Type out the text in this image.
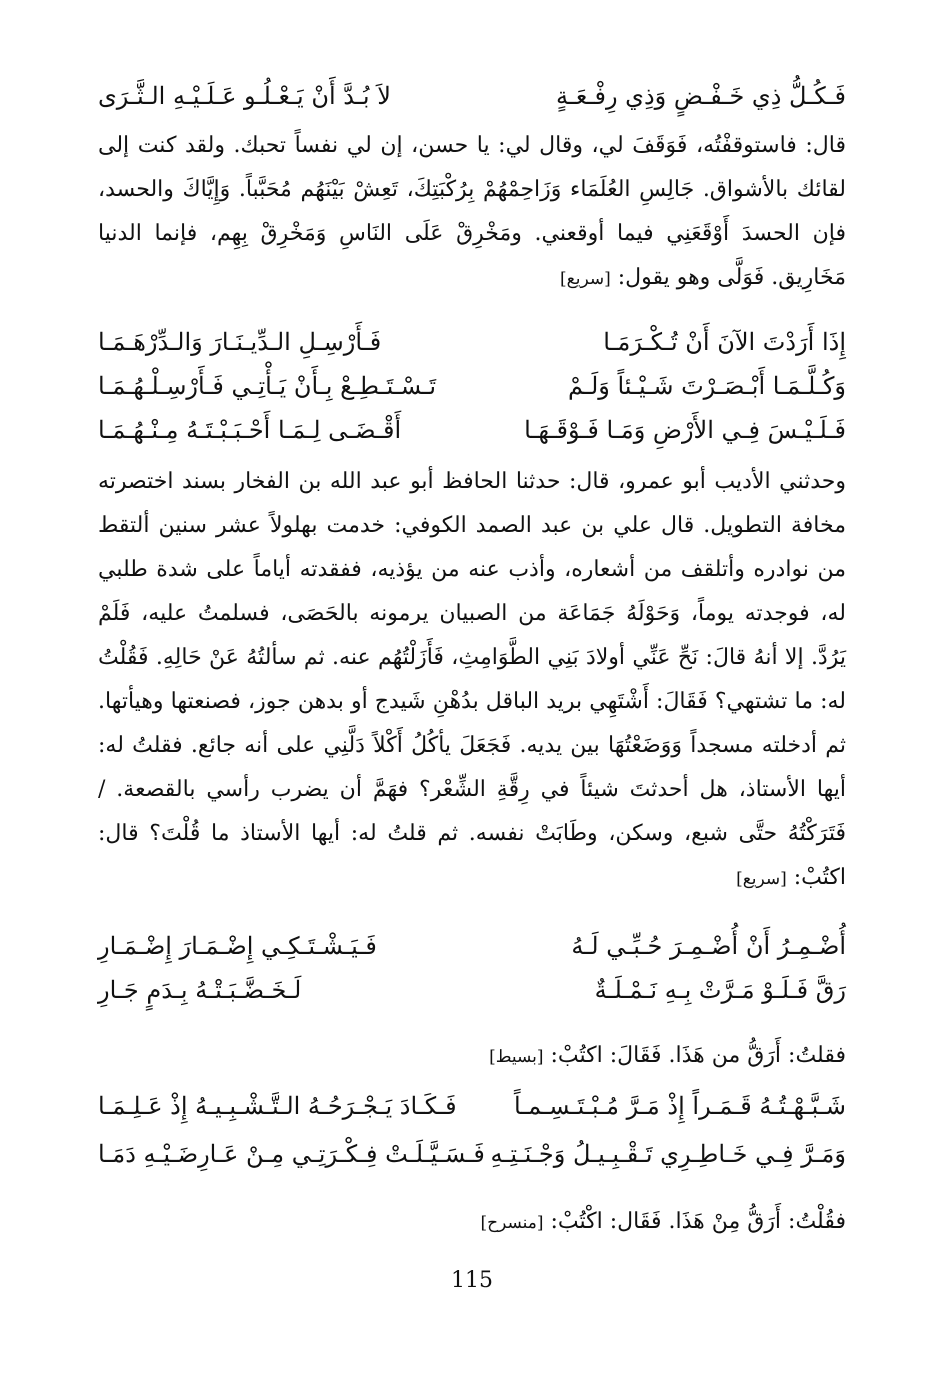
فَـكُـلُّ ذِي خَـفْـضٍ وَذِي رِفْـعَـةٍ
لاَ بُـدَّ أَنْ يَـعْـلُـو عَـلَـيْـهِ الـثَّـرَى
قال: فاستوقفْتُه، فَوَقَفَ لي، وقال لي: يا حسن، إن لي نفساً تحبك. ولقد كنت إلى لقائك بالأشواق. جَالِسِ العُلَمَاء وَزَاحِمْهُمْ بِرُكْبَتِكَ، تَعِشْ بَيْنَهُم مُحَبَّباً. وَإِيَّاكَ والحسد، فإن الحسدَ أَوْقَعَنِي فيما أوقعني. ومَخْرِقْ عَلَى النَاسِ وَمَخْرِقْ بِهِم، فإنما الدنيا مَخَارِيق. فَوَلَّى وهو يقول: [سريع]
إِذَا أَرَدْتَ الآنَ أَنْ تُـكْـرَمَـا
فَـأَرْسِـلِ الـدِّيـنَـارَ وَالـدِّرْهَـمَـا
وَكُـلَّـمَـا أَبْـصَـرْتَ شَـيْـئاً وَلَـمْ
تَـسْـتَـطِـعْ بِـأَنْ يَـأْتِـي فَـأَرْسِـلْـهُـمَـا
فَـلَـيْـسَ فِـي الأَرْضِ وَمَـا فَـوْقَـهَـا
أَقْـضَـى لِـمَـا أَحْـبَـبْـتَـهُ مِـنْـهُـمَـا
وحدثني الأديب أبو عمرو، قال: حدثنا الحافظ أبو عبد الله بن الفخار بسند اختصرته مخافة التطويل. قال علي بن عبد الصمد الكوفي: خدمت بهلولاً عشر سنين ألتقط من نوادره وأتلقف من أشعاره، وأذب عنه من يؤذيه، ففقدته أياماً على شدة طلبي له، فوجدته يوماً، وَحَوْلَهُ جَمَاعَة من الصبيان يرمونه بالحَصَى، فسلمتُ عليه، فَلَمْ يَرُدَّ. إلا أنهُ قالَ: نَحِّ عَنِّي أولادَ بَنِي الطَّوَامِثِ، فَأَزَلْتُهُم عنه. ثم سألتُهُ عَنْ حَالِهِ. فَقُلْتُ له: ما تشتهي؟ فَقَالَ: أَشْتَهِي بريد الباقل بدُهْنِ شَيدج أو بدهن جوز، فصنعتها وهيأتها. ثم أدخلته مسجداً وَوَضَعْتُهَا بين يديه. فَجَعَلَ يأكُلُ أَكْلاً دَلَّنِي على أنه جائع. فقلتُ له: أيها الأستاذ، هل أحدثتَ شيئاً في رِقَّةِ الشِّعْر؟ فهَمَّ أن يضرب رأسي بالقصعة. /فَتَرَكْتُهُ حتَّى شبع، وسكن، وطَابَتْ نفسه. ثم قلتُ له: أيها الأستاذ ما قُلْتَ؟ قال: اكتُبْ: [سريع]
أُضْـمِـرُ أَنْ أُضْـمِـرَ حُـبِّـي لَـهُ
فَـيَـشْـتَـكِـي إِضْـمَـارَ إِضْـمَـارِ
رَقَّ فَـلَـوْ مَـرَّتْ بِـهِ نَـمْـلَـةٌ
لَـخَـضَّـبَـتْـهُ بِـدَمٍ جَـارِ
فقلتُ: أَرَقُّ من هَذَا. فَقَالَ: اكتُبْ: [بسيط]
شَـبَّـهْـتُـهُ قَـمَـراً إِذْ مَـرَّ مُـبْـتَـسِـمـاً
فَـكَـادَ يَـجْـرَحُـهُ الـتَّـشْـبِـيـهُ إِذْ عَـلِـمَـا
وَمَـرَّ فِـي خَـاطِـرِي تَـقْـبِـيـلُ وَجْـنَـتِـهِ
فَـسَـيَّـلَـتْ فِـكْـرَتِـي مِـنْ عَـارِضَـيْـهِ دَمَـا
فقُلْتُ: أَرَقُّ مِنْ هَذَا. فَقَال: اكْتُبْ: [منسرح]
115
